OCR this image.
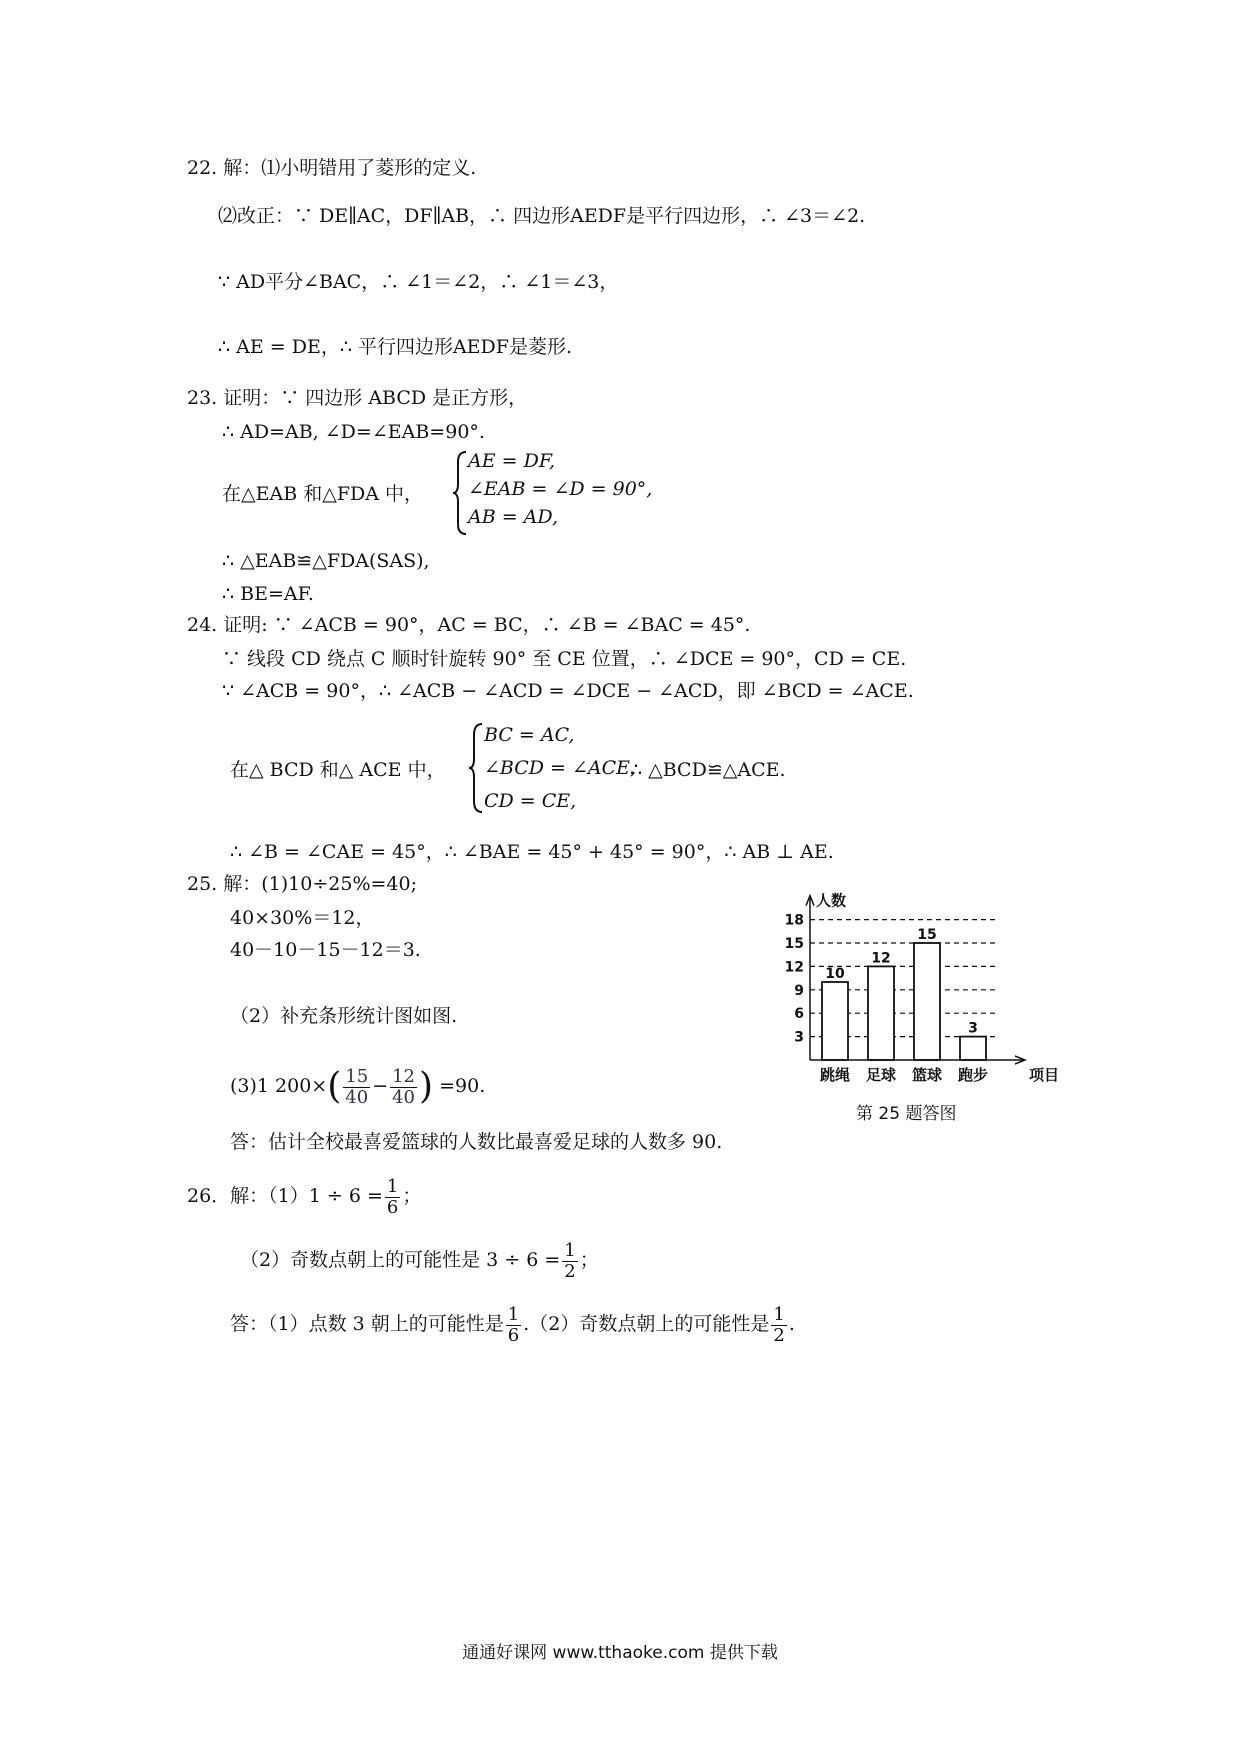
22. 解：⑴小明错用了菱形的定义.
⑵改正：∵ DE∥AC，DF∥AB，∴ 四边形AEDF是平行四边形，∴ ∠3＝∠2.
∵ AD平分∠BAC，∴ ∠1＝∠2，∴ ∠1＝∠3，
∴ AE = DE，∴ 平行四边形AEDF是菱形.
23. 证明：∵ 四边形 ABCD 是正方形，
∴ AD=AB, ∠D=∠EAB=90°.
在△EAB 和△FDA 中，
AE = DF,
∠EAB = ∠D = 90°,
AB = AD,
∴ △EAB≌△FDA(SAS),
∴ BE=AF.
24. 证明: ∵ ∠ACB = 90°，AC = BC，∴ ∠B = ∠BAC = 45°.
∵ 线段 CD 绕点 C 顺时针旋转 90° 至 CE 位置，∴ ∠DCE = 90°，CD = CE.
∵ ∠ACB = 90°，∴ ∠ACB − ∠ACD = ∠DCE − ∠ACD，即 ∠BCD = ∠ACE.
在△ BCD 和△ ACE 中，
BC = AC,
∠BCD = ∠ACE,
CD = CE,
∴ △BCD≌△ACE.
∴ ∠B = ∠CAE = 45°，∴ ∠BAE = 45° + 45° = 90°，∴ AB ⊥ AE.
25. 解：(1)10÷25%=40;
40×30%＝12，
40－10－15－12＝3.
（2）补充条形统计图如图.
(3)1 $200\times( \frac{15}{40} - \frac{12}{40}$ ) =90.
答：估计全校最喜爱篮球的人数比最喜爱足球的人数多 90.
3
6
9
12
15
18
人数
项目
10
跳绳
12
足球
15
篮球
3
跑步
第 25 题答图
26．解：$(1)1 \div 6 = \frac{1}{6}$ ；
（2）奇数点朝上的可能性是 $3 \div 6 = \frac{1}{2}$ ；
答：（1）点数 3 朝上的可能性是 $\frac{1}{6} .(2)$奇数点朝上的可能性是 $\frac{1}{2}$ .
通通好课网 www.tthaoke.com 提供下载
